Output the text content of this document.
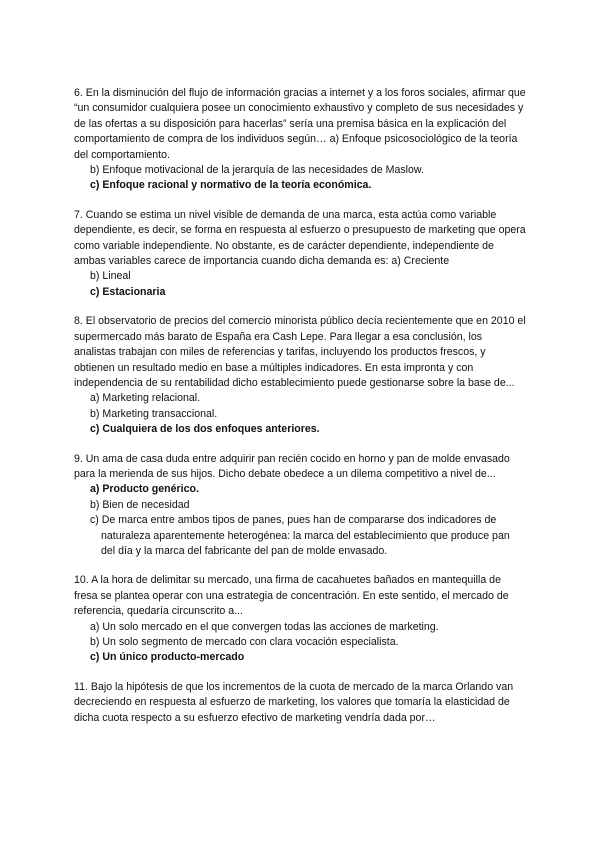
6. En la disminución del flujo de información gracias a internet y a los foros sociales, afirmar que “un consumidor cualquiera posee un conocimiento exhaustivo y completo de sus necesidades y de las ofertas a su disposición para hacerlas” sería una premisa básica en la explicación del comportamiento de compra de los individuos según… a) Enfoque psicosociológico de la teoría del comportamiento.

b) Enfoque motivacional de la jerarquía de las necesidades de Maslow.

c) Enfoque racional y normativo de la teoría económica.

7. Cuando se estima un nivel visible de demanda de una marca, esta actúa como variable dependiente, es decir, se forma en respuesta al esfuerzo o presupuesto de marketing que opera como variable independiente. No obstante, es de carácter dependiente, independiente de ambas variables carece de importancia cuando dicha demanda es: a) Creciente

b) Lineal

c) Estacionaria

8. El observatorio de precios del comercio minorista público decía recientemente que en 2010 el supermercado más barato de España era Cash Lepe. Para llegar a esa conclusión, los analistas trabajan con miles de referencias y tarifas, incluyendo los productos frescos, y obtienen un resultado medio en base a múltiples indicadores. En esta impronta y con independencia de su rentabilidad dicho establecimiento puede gestionarse sobre la base de...

a) Marketing relacional.

b) Marketing transaccional.

c) Cualquiera de los dos enfoques anteriores.

9. Un ama de casa duda entre adquirir pan recién cocido en horno y pan de molde envasado para la merienda de sus hijos. Dicho debate obedece a un dilema competitivo a nivel de...

a) Producto genérico.

b) Bien de necesidad

c) De marca entre ambos tipos de panes, pues han de compararse dos indicadores de naturaleza aparentemente heterogénea: la marca del establecimiento que produce pan del día y la marca del fabricante del pan de molde envasado.

10. A la hora de delimitar su mercado, una firma de cacahuetes bañados en mantequilla de fresa se plantea operar con una estrategia de concentración. En este sentido, el mercado de referencia, quedaría circunscrito a...

a) Un solo mercado en el que convergen todas las acciones de marketing.

b) Un solo segmento de mercado con clara vocación especialista.

c) Un único producto-mercado

11. Bajo la hipótesis de que los incrementos de la cuota de mercado de la marca Orlando van decreciendo en respuesta al esfuerzo de marketing, los valores que tomaría la elasticidad de dicha cuota respecto a su esfuerzo efectivo de marketing vendría dada por…
